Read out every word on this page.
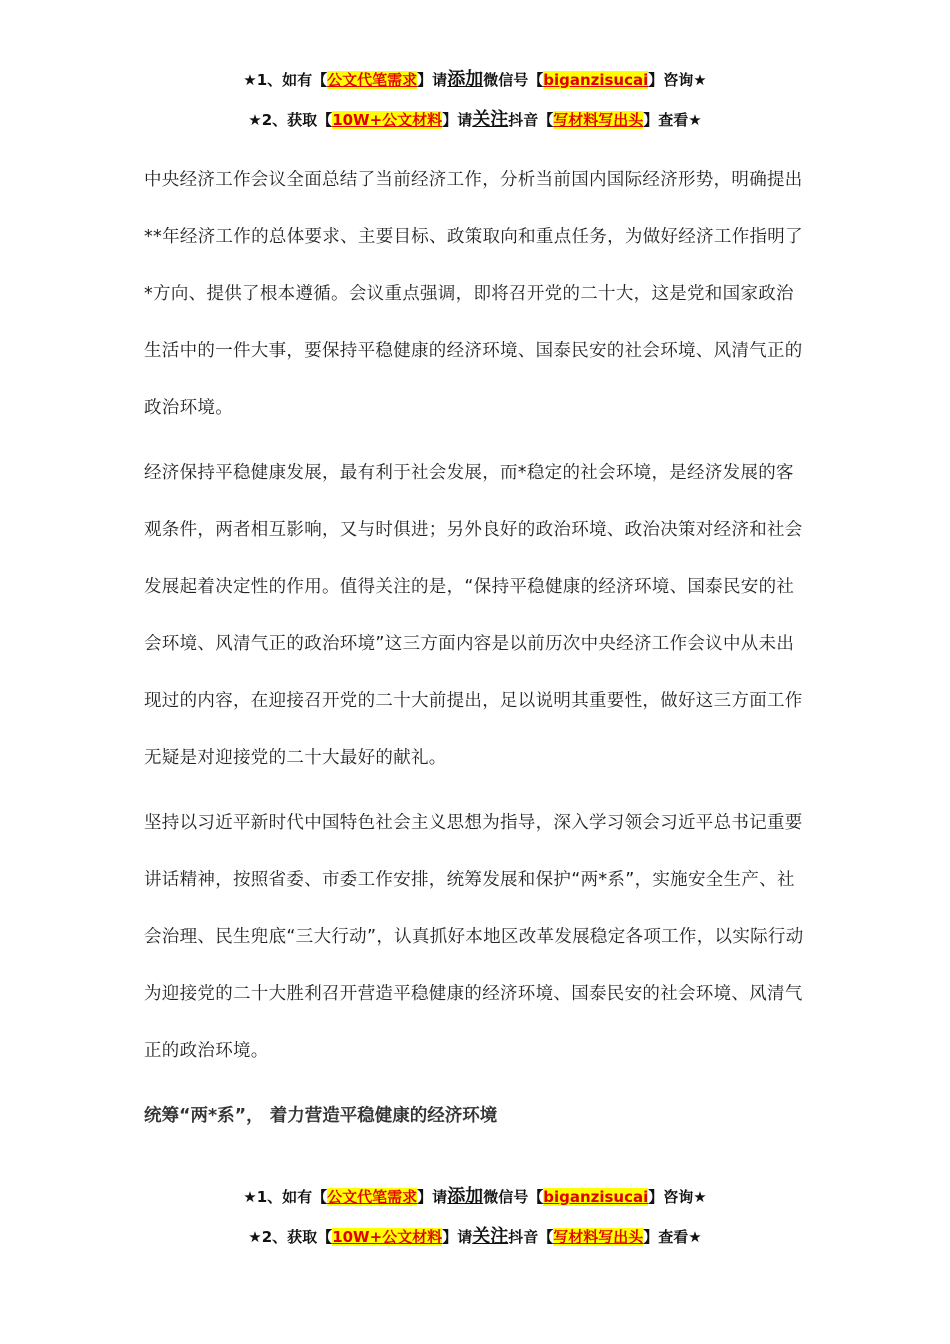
★1、如有【公文代笔需求】请添加微信号【biganzisucai】咨询★
★2、获取【10W+公文材料】请关注抖音【写材料写出头】查看★

中央经济工作会议全面总结了当前经济工作，分析当前国内国际经济形势，明确提出**年经济工作的总体要求、主要目标、政策取向和重点任务，为做好经济工作指明了*方向、提供了根本遵循。会议重点强调，即将召开党的二十大，这是党和国家政治生活中的一件大事，要保持平稳健康的经济环境、国泰民安的社会环境、风清气正的政治环境。

经济保持平稳健康发展，最有利于社会发展，而*稳定的社会环境，是经济发展的客观条件，两者相互影响，又与时俱进；另外良好的政治环境、政治决策对经济和社会发展起着决定性的作用。值得关注的是，“保持平稳健康的经济环境、国泰民安的社会环境、风清气正的政治环境”这三方面内容是以前历次中央经济工作会议中从未出现过的内容，在迎接召开党的二十大前提出，足以说明其重要性，做好这三方面工作无疑是对迎接党的二十大最好的献礼。

坚持以习近平新时代中国特色社会主义思想为指导，深入学习领会习近平总书记重要讲话精神，按照省委、市委工作安排，统筹发展和保护“两*系”，实施安全生产、社会治理、民生兜底“三大行动”，认真抓好本地区改革发展稳定各项工作，以实际行动为迎接党的二十大胜利召开营造平稳健康的经济环境、国泰民安的社会环境、风清气正的政治环境。

统筹“两*系”， 着力营造平稳健康的经济环境

★1、如有【公文代笔需求】请添加微信号【biganzisucai】咨询★
★2、获取【10W+公文材料】请关注抖音【写材料写出头】查看★
